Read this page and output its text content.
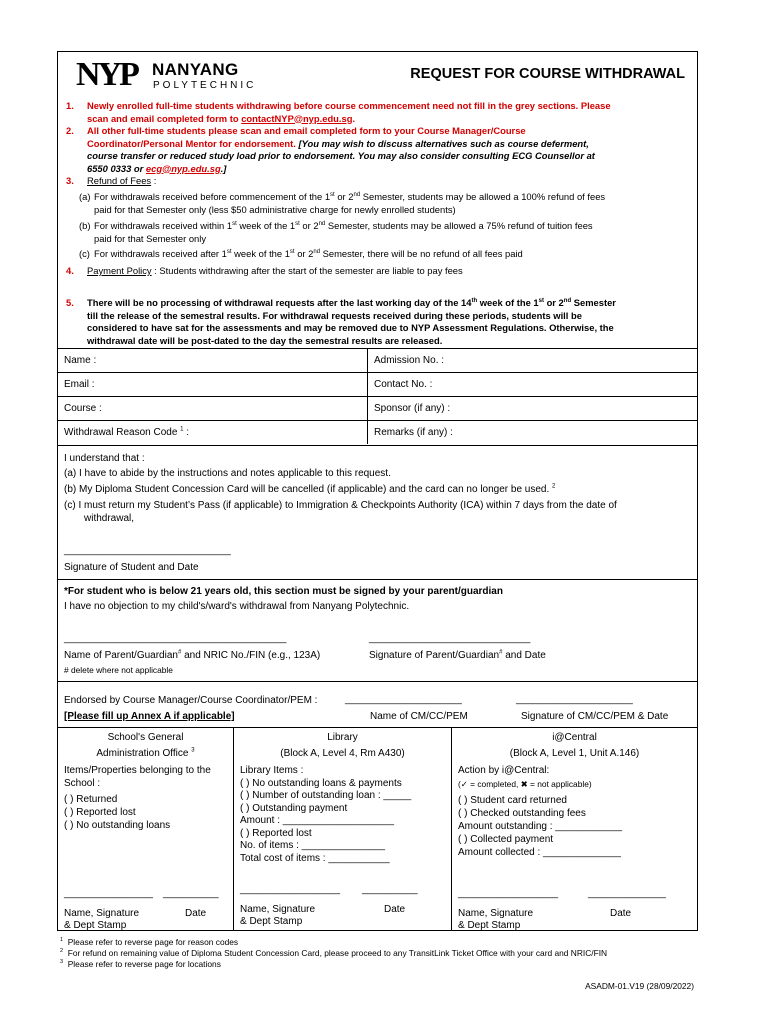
NYP NANYANG
POLYTECHNIC
REQUEST FOR COURSE WITHDRAWAL
1. Newly enrolled full-time students withdrawing before course commencement need not fill in the grey sections. Please
scan and email completed form to contactNYP@nyp.edu.sg.
2. All other full-time students please scan and email completed form to your Course Manager/Course
Coordinator/Personal Mentor for endorsement. [You may wish to discuss alternatives such as course deferment,
course transfer or reduced study load prior to endorsement. You may also consider consulting ECG Counsellor at
6550 0333 or ecg@nyp.edu.sg.]
3. Refund of Fees :
(a) For withdrawals received before commencement of the 1st or 2nd Semester, students may be allowed a 100% refund of fees
paid for that Semester only (less $50 administrative charge for newly enrolled students)
(b) For withdrawals received within 1st week of the 1st or 2nd Semester, students may be allowed a 75% refund of tuition fees
paid for that Semester only
(c) For withdrawals received after 1st week of the 1st or 2nd Semester, there will be no refund of all fees paid
4. Payment Policy : Students withdrawing after the start of the semester are liable to pay fees
5. There will be no processing of withdrawal requests after the last working day of the 14th week of the 1st or 2nd Semester
till the release of the semestral results. For withdrawal requests received during these periods, students will be
considered to have sat for the assessments and may be removed due to NYP Assessment Regulations. Otherwise, the
withdrawal date will be post-dated to the day the semestral results are released.
Name :	Admission No. :
Email :	Contact No. :
Course :	Sponsor (if any) :
Withdrawal Reason Code $^1$ :	Remarks (if any) :
I understand that :
(a) I have to abide by the instructions and notes applicable to this request.
(b) My Diploma Student Concession Card will be cancelled (if applicable) and the card can no longer be used. $^2$
(c) I must return my Student’s Pass (if applicable) to Immigration & Checkpoints Authority (ICA) within 7 days from the date of
withdrawal,
______________________________
Signature of Student and Date
*For student who is below 21 years old, this section must be signed by your parent/guardian
I have no objection to my child's/ward's withdrawal from Nanyang Polytechnic.
________________________________________	_____________________________
Name of Parent/Guardian# and NRIC No./FIN (e.g., 123A)	Signature of Parent/Guardian# and Date
# delete where not applicable
Endorsed by Course Manager/Course Coordinator/PEM :	_____________________	_____________________
[Please fill up Annex A if applicable]	Name of CM/CC/PEM	Signature of CM/CC/PEM & Date
School's General
Administration Office $^3$
Items/Properties belonging to the
School :
( ) Returned
( ) Reported lost
( ) No outstanding loans
________________ __________
Name, Signature	Date
& Dept Stamp
Library
(Block A, Level 4, Rm A430)
Library Items :
( ) No outstanding loans & payments
( ) Number of outstanding loan : _____
( ) Outstanding payment
Amount : ____________________
( ) Reported lost
No. of items : _______________
Total cost of items : ___________
__________________ __________
Name, Signature	Date
& Dept Stamp
i@Central
(Block A, Level 1, Unit A.146)
Action by i@Central:
(✓ = completed, ✖ = not applicable)
( ) Student card returned
( ) Checked outstanding fees
Amount outstanding : ____________
( ) Collected payment
Amount collected : ______________
__________________	______________
Name, Signature	Date
& Dept Stamp
$^1$ Please refer to reverse page for reason codes
$^2$ For refund on remaining value of Diploma Student Concession Card, please proceed to any TransitLink Ticket Office with your card and NRIC/FIN
$^3$ Please refer to reverse page for locations
ASADM-01.V19 (28/09/2022)
